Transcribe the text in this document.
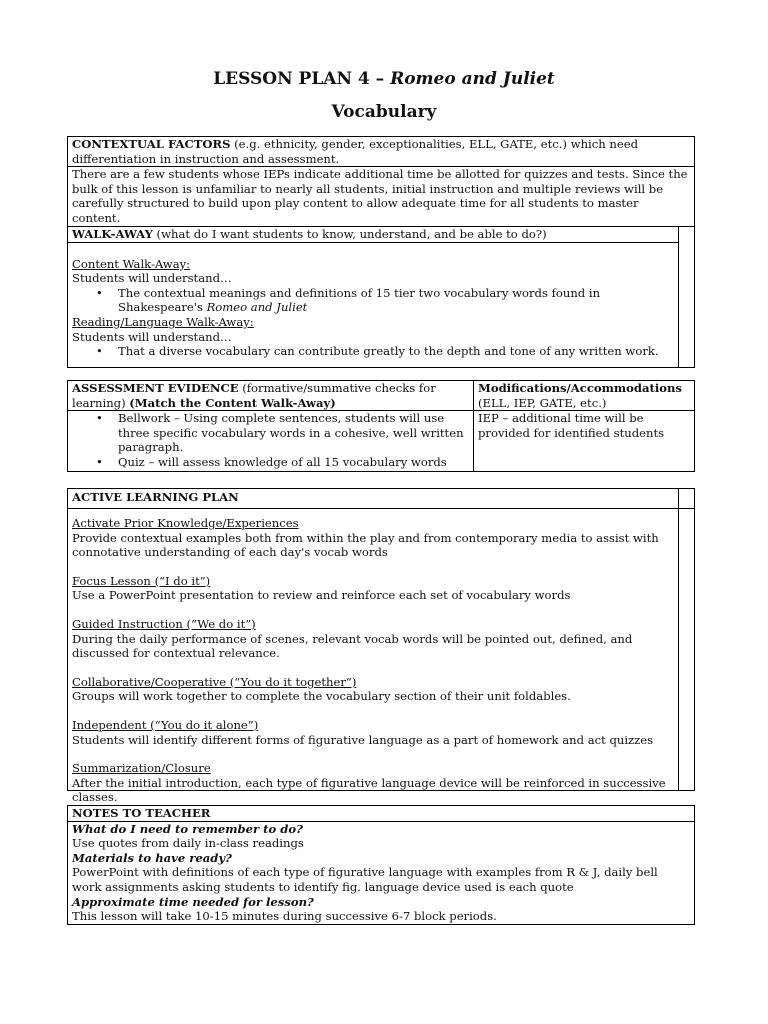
LESSON PLAN 4 – Romeo and Juliet
Vocabulary
CONTEXTUAL FACTORS (e.g. ethnicity, gender, exceptionalities, ELL, GATE, etc.) which need differentiation in instruction and assessment.
There are a few students whose IEPs indicate additional time be allotted for quizzes and tests. Since the bulk of this lesson is unfamiliar to nearly all students, initial instruction and multiple reviews will be carefully structured to build upon play content to allow adequate time for all students to master content.
WALK-AWAY (what do I want students to know, understand, and be able to do?)
Content Walk-Away:
Students will understand…
• The contextual meanings and definitions of 15 tier two vocabulary words found in Shakespeare's Romeo and Juliet
Reading/Language Walk-Away:
Students will understand…
• That a diverse vocabulary can contribute greatly to the depth and tone of any written work.
ASSESSMENT EVIDENCE (formative/summative checks for learning) (Match the Content Walk-Away)
Modifications/Accommodations
(ELL, IEP, GATE, etc.)
• Bellwork – Using complete sentences, students will use three specific vocabulary words in a cohesive, well written paragraph.
• Quiz – will assess knowledge of all 15 vocabulary words
IEP – additional time will be provided for identified students
ACTIVE LEARNING PLAN
Activate Prior Knowledge/Experiences
Provide contextual examples both from within the play and from contemporary media to assist with connotative understanding of each day's vocab words
Focus Lesson (“I do it”)
Use a PowerPoint presentation to review and reinforce each set of vocabulary words
Guided Instruction (“We do it”)
During the daily performance of scenes, relevant vocab words will be pointed out, defined, and discussed for contextual relevance.
Collaborative/Cooperative (“You do it together”)
Groups will work together to complete the vocabulary section of their unit foldables.
Independent (“You do it alone”)
Students will identify different forms of figurative language as a part of homework and act quizzes
Summarization/Closure
After the initial introduction, each type of figurative language device will be reinforced in successive classes.
NOTES TO TEACHER
What do I need to remember to do?
Use quotes from daily in-class readings
Materials to have ready?
PowerPoint with definitions of each type of figurative language with examples from R & J, daily bell work assignments asking students to identify fig. language device used is each quote
Approximate time needed for lesson?
This lesson will take 10-15 minutes during successive 6-7 block periods.
